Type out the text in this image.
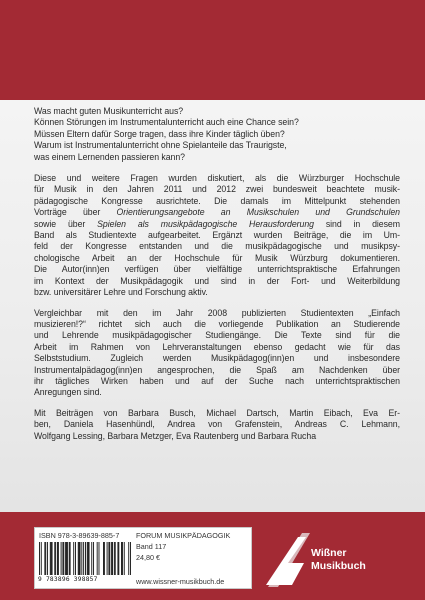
Was macht guten Musikunterricht aus?

Können Störungen im Instrumentalunterricht auch eine Chance sein?

Müssen Eltern dafür Sorge tragen, dass ihre Kinder täglich üben?

Warum ist Instrumentalunterricht ohne Spielanteile das Traurigste,

was einem Lernenden passieren kann?

Diese und weitere Fragen wurden diskutiert, als die Würzburger Hochschule
für Musik in den Jahren 2011 und 2012 zwei bundesweit beachtete musik-
pädagogische Kongresse ausrichtete. Die damals im Mittelpunkt stehenden
Vorträge über Orientierungsangebote an Musikschulen und Grundschulen
sowie über Spielen als musikpädagogische Herausforderung sind in diesem
Band als Studientexte aufgearbeitet. Ergänzt wurden Beiträge, die im Um-
feld der Kongresse entstanden und die musikpädagogische und musikpsy-
chologische Arbeit an der Hochschule für Musik Würzburg dokumentieren.
Die Autor(inn)en verfügen über vielfältige unterrichtspraktische Erfahrungen
im Kontext der Musikpädagogik und sind in der Fort- und Weiterbildung
bzw. universitärer Lehre und Forschung aktiv.
Vergleichbar mit den im Jahr 2008 publizierten Studientexten „Einfach
musizieren!?“ richtet sich auch die vorliegende Publikation an Studierende
und Lehrende musikpädagogischer Studiengänge. Die Texte sind für die
Arbeit im Rahmen von Lehrveranstaltungen ebenso gedacht wie für das
Selbststudium. Zugleich werden Musikpädagog(inn)en und insbesondere
Instrumentalpädagog(inn)en angesprochen, die Spaß am Nachdenken über
ihr tägliches Wirken haben und auf der Suche nach unterrichtspraktischen
Anregungen sind.
Mit Beiträgen von Barbara Busch, Michael Dartsch, Martin Eibach, Eva Er-
ben, Daniela Hasenhündl, Andrea von Grafenstein, Andreas C. Lehmann,
Wolfgang Lessing, Barbara Metzger, Eva Rautenberg und Barbara Rucha
ISBN 978-3-89639-885-7 FORUM MUSIKPÄDAGOGIK
Band 117
24,80 €
www.wissner-musikbuch.de
9 783896 398857
Wißner
Musikbuch
